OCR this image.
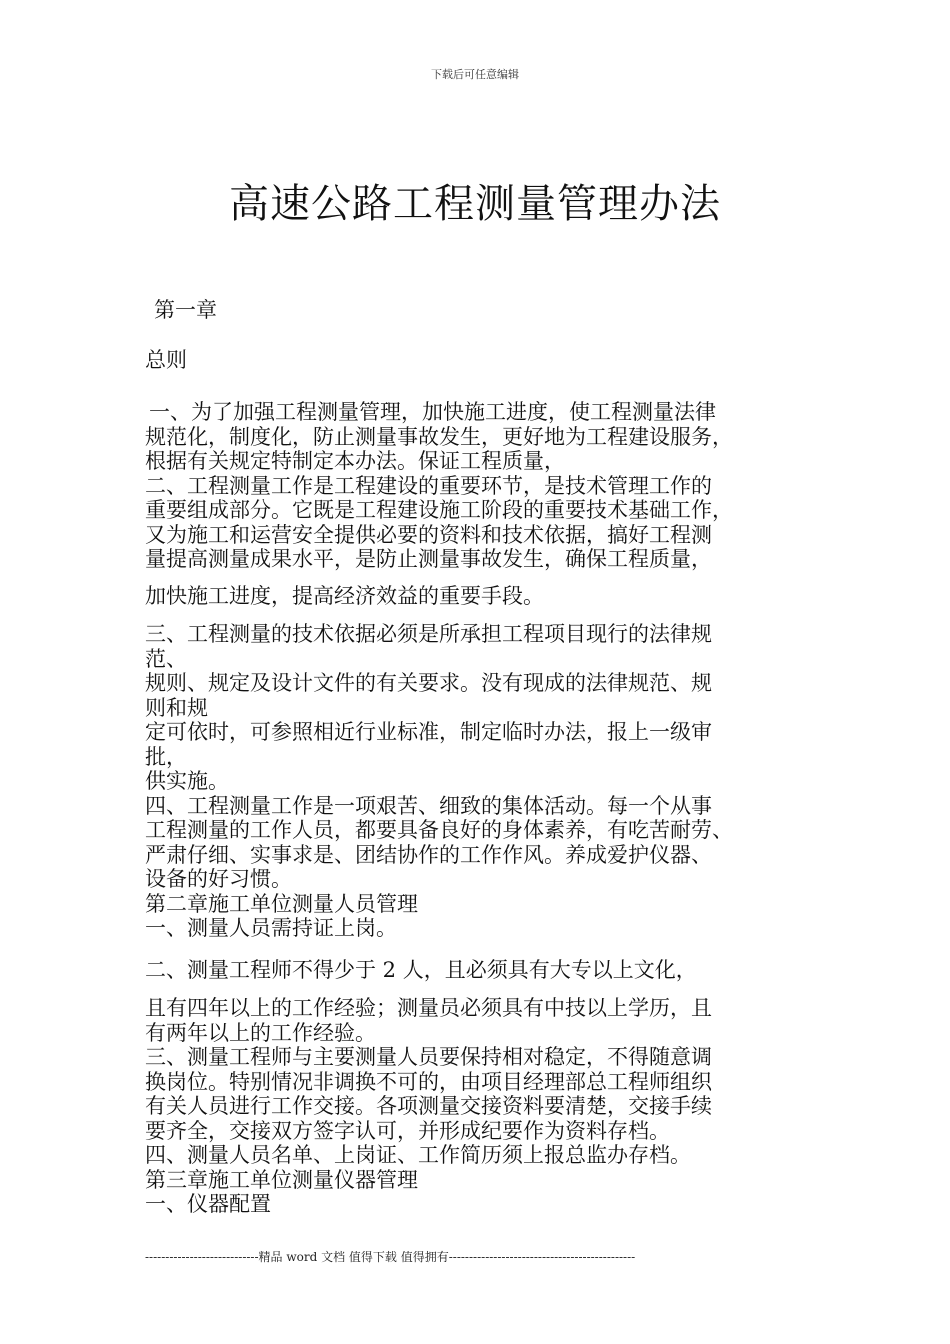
下载后可任意编辑
高速公路工程测量管理办法
第一章
总则
一、为了加强工程测量管理，加快施工进度，使工程测量法律
规范化，制度化，防止测量事故发生，更好地为工程建设服务，
根据有关规定特制定本办法。保证工程质量，
二、工程测量工作是工程建设的重要环节，是技术管理工作的
重要组成部分。它既是工程建设施工阶段的重要技术基础工作，
又为施工和运营安全提供必要的资料和技术依据，搞好工程测
量提高测量成果水平，是防止测量事故发生，确保工程质量，
加快施工进度，提高经济效益的重要手段。
三、工程测量的技术依据必须是所承担工程项目现行的法律规
范、
规则、规定及设计文件的有关要求。没有现成的法律规范、规
则和规
定可依时，可参照相近行业标准，制定临时办法，报上一级审
批，
供实施。
四、工程测量工作是一项艰苦、细致的集体活动。每一个从事
工程测量的工作人员，都要具备良好的身体素养，有吃苦耐劳、
严肃仔细、实事求是、团结协作的工作作风。养成爱护仪器、
设备的好习惯。
第二章施工单位测量人员管理
一、测量人员需持证上岗。
二、测量工程师不得少于 2 人，且必须具有大专以上文化，
且有四年以上的工作经验；测量员必须具有中技以上学历，且
有两年以上的工作经验。
三、测量工程师与主要测量人员要保持相对稳定，不得随意调
换岗位。特别情况非调换不可的，由项目经理部总工程师组织
有关人员进行工作交接。各项测量交接资料要清楚，交接手续
要齐全，交接双方签字认可，并形成纪要作为资料存档。
四、测量人员名单、上岗证、工作简历须上报总监办存档。
第三章施工单位测量仪器管理
一、仪器配置
----------------------------精品 word 文档 值得下载 值得拥有----------------------------------------------
